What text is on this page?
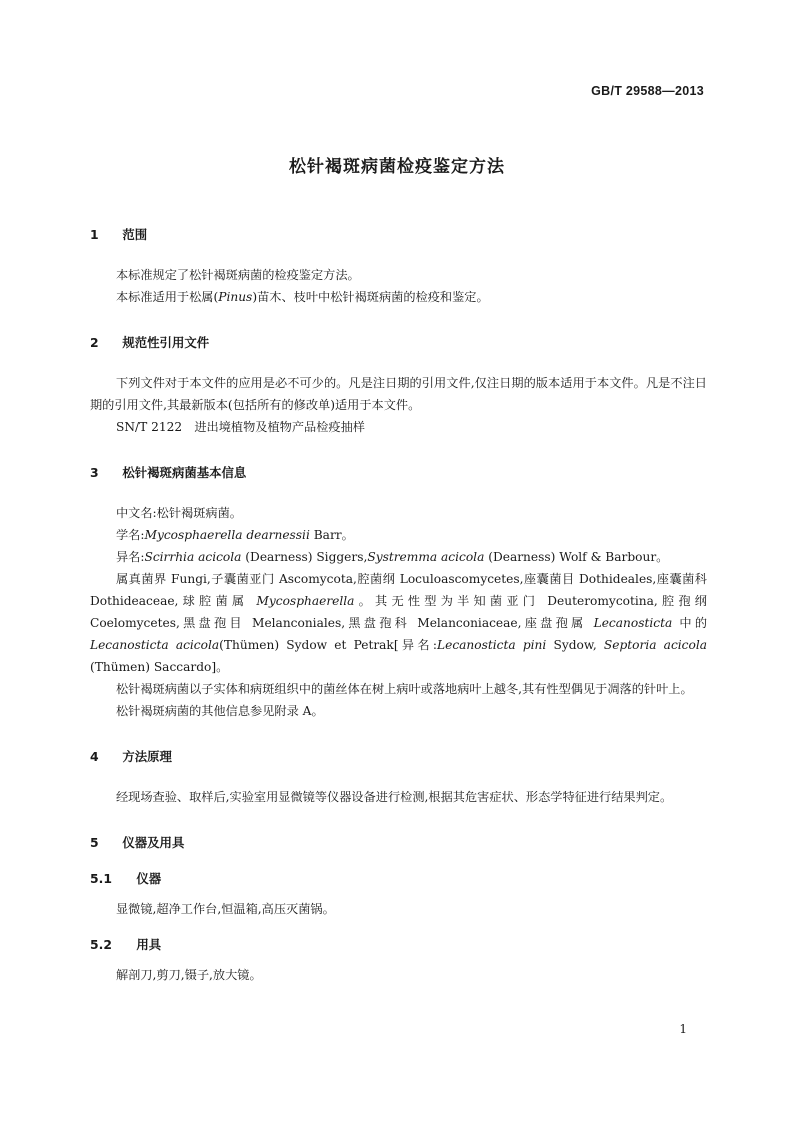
GB/T 29588—2013
松针褐斑病菌检疫鉴定方法

1　 范围

本标准规定了松针褐斑病菌的检疫鉴定方法。

本标准适用于松属(Pinus)苗木、枝叶中松针褐斑病菌的检疫和鉴定。

2　 规范性引用文件

下列文件对于本文件的应用是必不可少的。凡是注日期的引用文件,仅注日期的版本适用于本文件。凡是不注日期的引用文件,其最新版本(包括所有的修改单)适用于本文件。

SN/T 2122　进出境植物及植物产品检疫抽样

3　 松针褐斑病菌基本信息

中文名:松针褐斑病菌。

学名:Mycosphaerella dearnessii Barr。

异名:Scirrhia acicola (Dearness) Siggers,Systremma acicola (Dearness) Wolf & Barbour。

属真菌界 Fungi,子囊菌亚门 Ascomycota,腔菌纲 Loculoascomycetes,座囊菌目 Dothideales,座囊菌科 Dothideaceae,球腔菌属 Mycosphaerella。其无性型为半知菌亚门 Deuteromycotina,腔孢纲 Coelomycetes,黑盘孢目 Melanconiales,黑盘孢科 Melanconiaceae,座盘孢属 Lecanosticta 中的Lecanosticta acicola(Thümen) Sydow et Petrak[异名:Lecanosticta pini Sydow, Septoria acicola (Thümen) Saccardo]。

松针褐斑病菌以子实体和病斑组织中的菌丝体在树上病叶或落地病叶上越冬,其有性型偶见于凋落的针叶上。

松针褐斑病菌的其他信息参见附录 A。

4　 方法原理

经现场查验、取样后,实验室用显微镜等仪器设备进行检测,根据其危害症状、形态学特征进行结果判定。

5　 仪器及用具

5.1　 仪器

显微镜,超净工作台,恒温箱,高压灭菌锅。

5.2　 用具

解剖刀,剪刀,镊子,放大镜。

1
